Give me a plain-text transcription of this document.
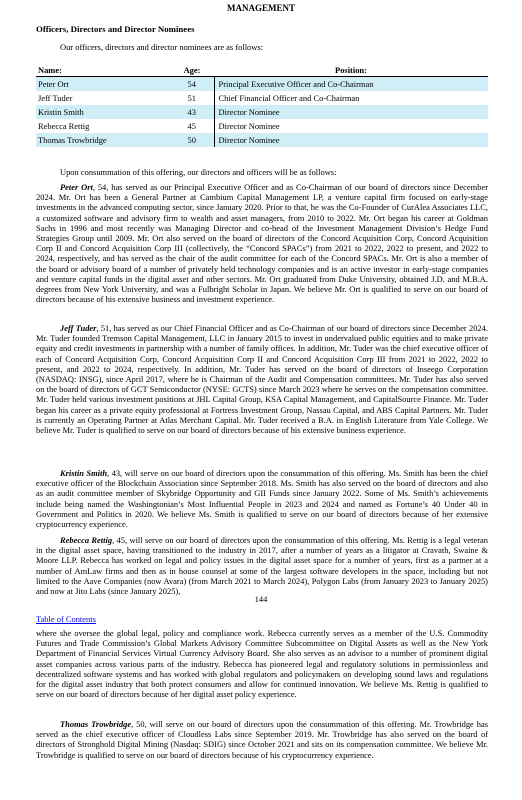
MANAGEMENT
Officers, Directors and Director Nominees
Our officers, directors and director nominees are as follows:
Name:	Age:	Position:
Peter Ort	54	Principal Executive Officer and Co-Chairman
Jeff Tuder	51	Chief Financial Officer and Co-Chairman
Kristin Smith	43	Director Nominee
Rebecca Rettig	45	Director Nominee
Thomas Trowbridge	50	Director Nominee
Upon consummation of this offering, our directors and officers will be as follows:
Peter Ort, 54, has served as our Principal Executive Officer and as Co-Chairman of our board of directors since December 2024. Mr. Ort has been a General Partner at Cambium Capital Management LP, a venture capital firm focused on early-stage investments in the advanced computing sector, since January 2020. Prior to that, he was the Co-Founder of CurAlea Associates LLC, a customized software and advisory firm to wealth and asset managers, from 2010 to 2022. Mr. Ort began his career at Goldman Sachs in 1996 and most recently was Managing Director and co-head of the Investment Management Division’s Hedge Fund Strategies Group until 2009. Mr. Ort also served on the board of directors of the Concord Acquisition Corp, Concord Acquisition Corp II and Concord Acquisition Corp III (collectively, the “Concord SPACs”) from 2021 to 2022, 2022 to present, and 2022 to 2024, respectively, and has served as the chair of the audit committee for each of the Concord SPACs. Mr. Ort is also a member of the board or advisory board of a number of privately held technology companies and is an active investor in early-stage companies and venture capital funds in the digital asset and other sectors. Mr. Ort graduated from Duke University, obtained J.D. and M.B.A. degrees from New York University, and was a Fulbright Scholar in Japan. We believe Mr. Ort is qualified to serve on our board of directors because of his extensive business and investment experience.
Jeff Tuder, 51, has served as our Chief Financial Officer and as Co-Chairman of our board of directors since December 2024. Mr. Tuder founded Tremson Capital Management, LLC in January 2015 to invest in undervalued public equities and to make private equity and credit investments in partnership with a number of family offices. In addition, Mr. Tuder was the chief executive officer of each of Concord Acquisition Corp, Concord Acquisition Corp II and Concord Acquisition Corp III from 2021 to 2022, 2022 to present, and 2022 to 2024, respectively. In addition, Mr. Tuder has served on the board of directors of Inseego Corporation (NASDAQ: INSG), since April 2017, where he is Chairman of the Audit and Compensation committees. Mr. Tuder has also served on the board of directors of GCT Semiconductor (NYSE: GCTS) since March 2023 where he serves on the compensation committee. Mr. Tuder held various investment positions at JHL Capital Group, KSA Capital Management, and CapitalSource Finance. Mr. Tuder began his career as a private equity professional at Fortress Investment Group, Nassau Capital, and ABS Capital Partners. Mr. Tuder is currently an Operating Partner at Atlas Merchant Capital. Mr. Tuder received a B.A. in English Literature from Yale College. We believe Mr. Tuder is qualified to serve on our board of directors because of his extensive business experience.
Kristin Smith, 43, will serve on our board of directors upon the consummation of this offering. Ms. Smith has been the chief executive officer of the Blockchain Association since September 2018. Ms. Smith has also served on the board of directors and also as an audit committee member of Skybridge Opportunity and GII Funds since January 2022. Some of Ms. Smith’s achievements include being named the Washingtonian’s Most Influential People in 2023 and 2024 and named as Fortune’s 40 Under 40 in Government and Politics in 2020. We believe Ms. Smith is qualified to serve on our board of directors because of her extensive cryptocurrency experience.
Rebecca Rettig, 45, will serve on our board of directors upon the consummation of this offering. Ms. Rettig is a legal veteran in the digital asset space, having transitioned to the industry in 2017, after a number of years as a litigator at Cravath, Swaine & Moore LLP. Rebecca has worked on legal and policy issues in the digital asset space for a number of years, first as a partner at a number of AmLaw firms and then as in house counsel at some of the largest software developers in the space, including but not limited to the Aave Companies (now Avara) (from March 2021 to March 2024), Polygon Labs (from January 2023 to January 2025) and now at Jito Labs (since January 2025),
144
Table of Contents
where she oversee the global legal, policy and compliance work. Rebecca currently serves as a member of the U.S. Commodity Futures and Trade Commission’s Global Markets Advisory Committee Subcommittee on Digital Assets as well as the New York Department of Financial Services Virtual Currency Advisory Board. She also serves as an advisor to a number of prominent digital asset companies across various parts of the industry. Rebecca has pioneered legal and regulatory solutions in permissionless and decentralized software systems and has worked with global regulators and policymakers on developing sound laws and regulations for the digital asset industry that both protect consumers and allow for continued innovation. We believe Ms. Rettig is qualified to serve on our board of directors because of her digital asset policy experience.
Thomas Trowbridge, 50, will serve on our board of directors upon the consummation of this offering. Mr. Trowbridge has served as the chief executive officer of Cloudless Labs since September 2019. Mr. Trowbridge has also served on the board of directors of Stronghold Digital Mining (Nasdaq: SDIG) since October 2021 and sits on its compensation committee. We believe Mr. Trowbridge is qualified to serve on our board of directors because of his cryptocurrency experience.
